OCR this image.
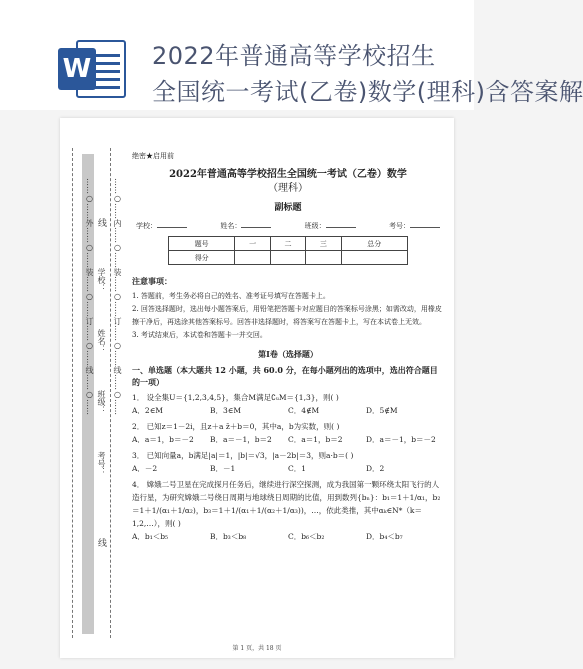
W	2022年普通高等学校招生
全国统一考试(乙卷)数学(理科)含答案解
……○……外……○……装……○……订……○……线……○…… 线
学校： 　　　　 姓名： 　　　　 班级： 　　　　 考号：
线
……○……内……○……装……○……订……○……线……○……
绝密★启用前
2022年普通高等学校招生全国统一考试（乙卷）数学
（理科）
副标题
学校：	姓名：	班级：	考号：
题号	一	二	三	总分
得分				
注意事项：
1. 答题前，考生务必将自己的姓名、准考证号填写在答题卡上。
2. 回答选择题时，选出每小题答案后，用铅笔把答题卡对应题目的答案标号涂黑；如需改动，用橡皮擦干净后，再选涂其他答案标号。回答非选择题时，将答案写在答题卡上，写在本试卷上无效。
3. 考试结束后，本试卷和答题卡一并交回。
第Ⅰ卷（选择题）
一、单选题（本大题共 12 小题，共 60.0 分，在每小题列出的选项中，选出符合题目的一项）
1． 设全集U＝{1,2,3,4,5}，集合M满足∁ᵤM＝{1,3}，则( )
A．2∈M	B．3∈M	C．4∉M	D．5∉M
2． 已知z＝1－2i，且z＋a z̄＋b＝0，其中a，b为实数，则( )
A．a＝1，b＝－2	B．a＝－1，b＝2	C．a＝1，b＝2	D．a＝－1，b＝－2
3． 已知向量a，b满足|a|＝1，|b|＝√3，|a－2b|＝3，则a·b＝( )
A．－2	B．－1	C．1	D．2
4． 嫦娥二号卫星在完成探月任务后，继续进行深空探测，成为我国第一颗环绕太阳飞行的人造行星，为研究嫦娥二号绕日周期与地球绕日周期的比值，用到数列{bₙ}：b₁＝1＋1/α₁，b₂＝1＋1/(α₁＋1/α₂)，b₃＝1＋1/(α₁＋1/(α₂＋1/α₃))，…，依此类推，其中αₖ∈N*（k＝1,2,…），则( )
A．b₁＜b₅	B．b₃＜b₈	C．b₆＜b₂	D．b₄＜b₇
第 1 页，共 18 页
